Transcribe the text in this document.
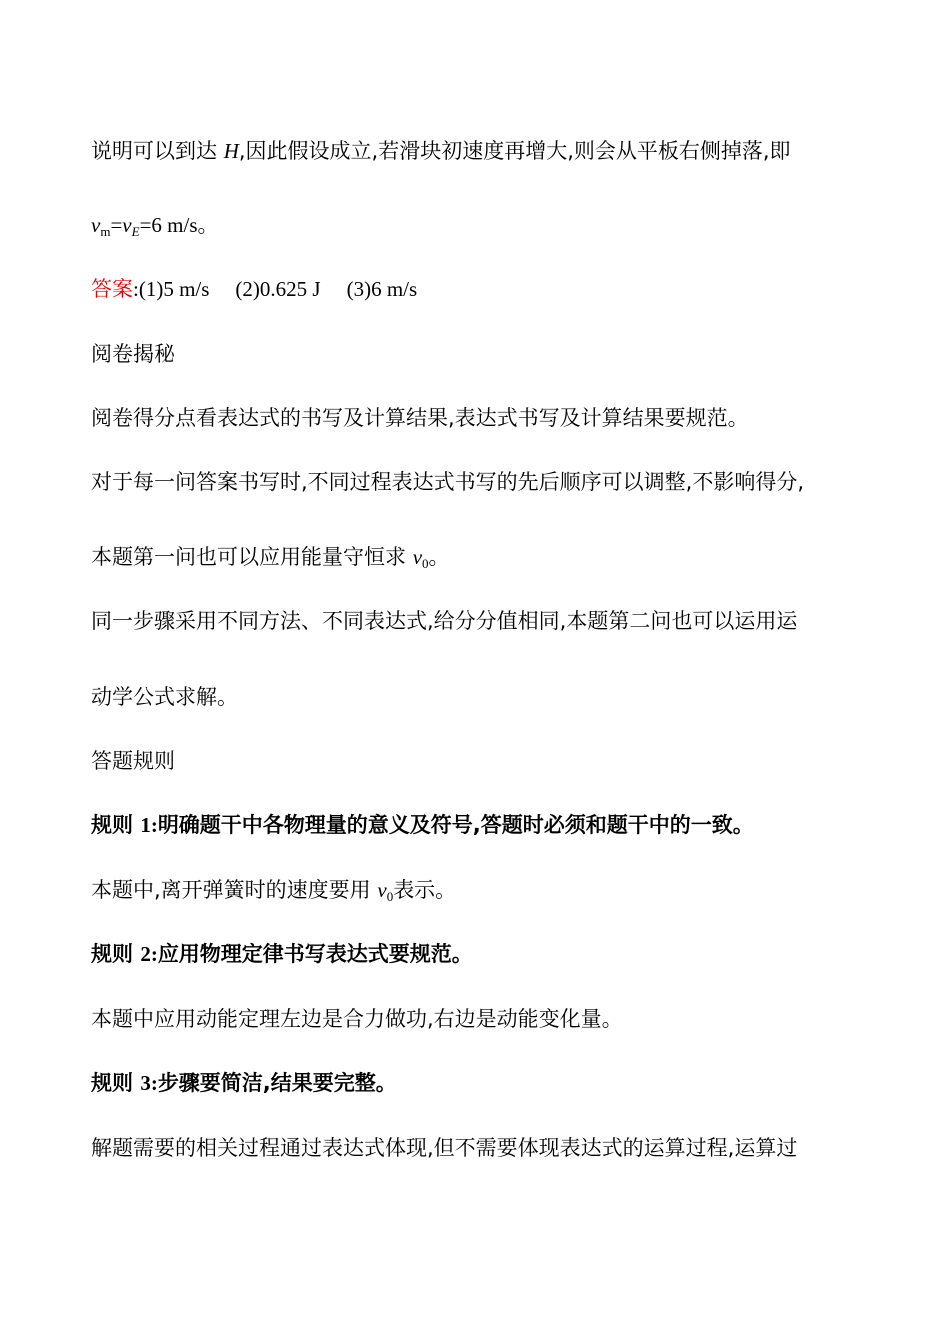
说明可以到达 H,因此假设成立,若滑块初速度再增大,则会从平板右侧掉落,即
$v_m=v_E=6$ m/s。
答案:(1)5 m/s (2)0.625 J (3)6 m/s
阅卷揭秘
阅卷得分点看表达式的书写及计算结果,表达式书写及计算结果要规范。
对于每一问答案书写时,不同过程表达式书写的先后顺序可以调整,不影响得分,
本题第一问也可以应用能量守恒求 $v_0$。
同一步骤采用不同方法、不同表达式,给分分值相同,本题第二问也可以运用运
动学公式求解。
答题规则
规则 1:明确题干中各物理量的意义及符号,答题时必须和题干中的一致。
本题中,离开弹簧时的速度要用 $v_0$表示。
规则 2:应用物理定律书写表达式要规范。
本题中应用动能定理左边是合力做功,右边是动能变化量。
规则 3:步骤要简洁,结果要完整。
解题需要的相关过程通过表达式体现,但不需要体现表达式的运算过程,运算过
